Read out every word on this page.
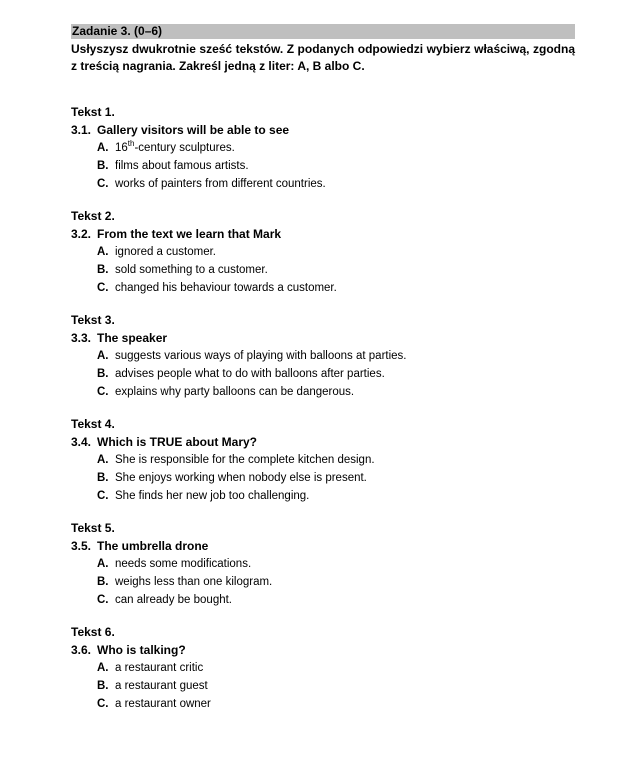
Zadanie 3. (0–6)
Usłyszysz dwukrotnie sześć tekstów. Z podanych odpowiedzi wybierz właściwą, zgodną z treścią nagrania. Zakreśl jedną z liter: A, B albo C.
Tekst 1.
3.1. Gallery visitors will be able to see
A. 16th-century sculptures.
B. films about famous artists.
C. works of painters from different countries.
Tekst 2.
3.2. From the text we learn that Mark
A. ignored a customer.
B. sold something to a customer.
C. changed his behaviour towards a customer.
Tekst 3.
3.3. The speaker
A. suggests various ways of playing with balloons at parties.
B. advises people what to do with balloons after parties.
C. explains why party balloons can be dangerous.
Tekst 4.
3.4. Which is TRUE about Mary?
A. She is responsible for the complete kitchen design.
B. She enjoys working when nobody else is present.
C. She finds her new job too challenging.
Tekst 5.
3.5. The umbrella drone
A. needs some modifications.
B. weighs less than one kilogram.
C. can already be bought.
Tekst 6.
3.6. Who is talking?
A. a restaurant critic
B. a restaurant guest
C. a restaurant owner
